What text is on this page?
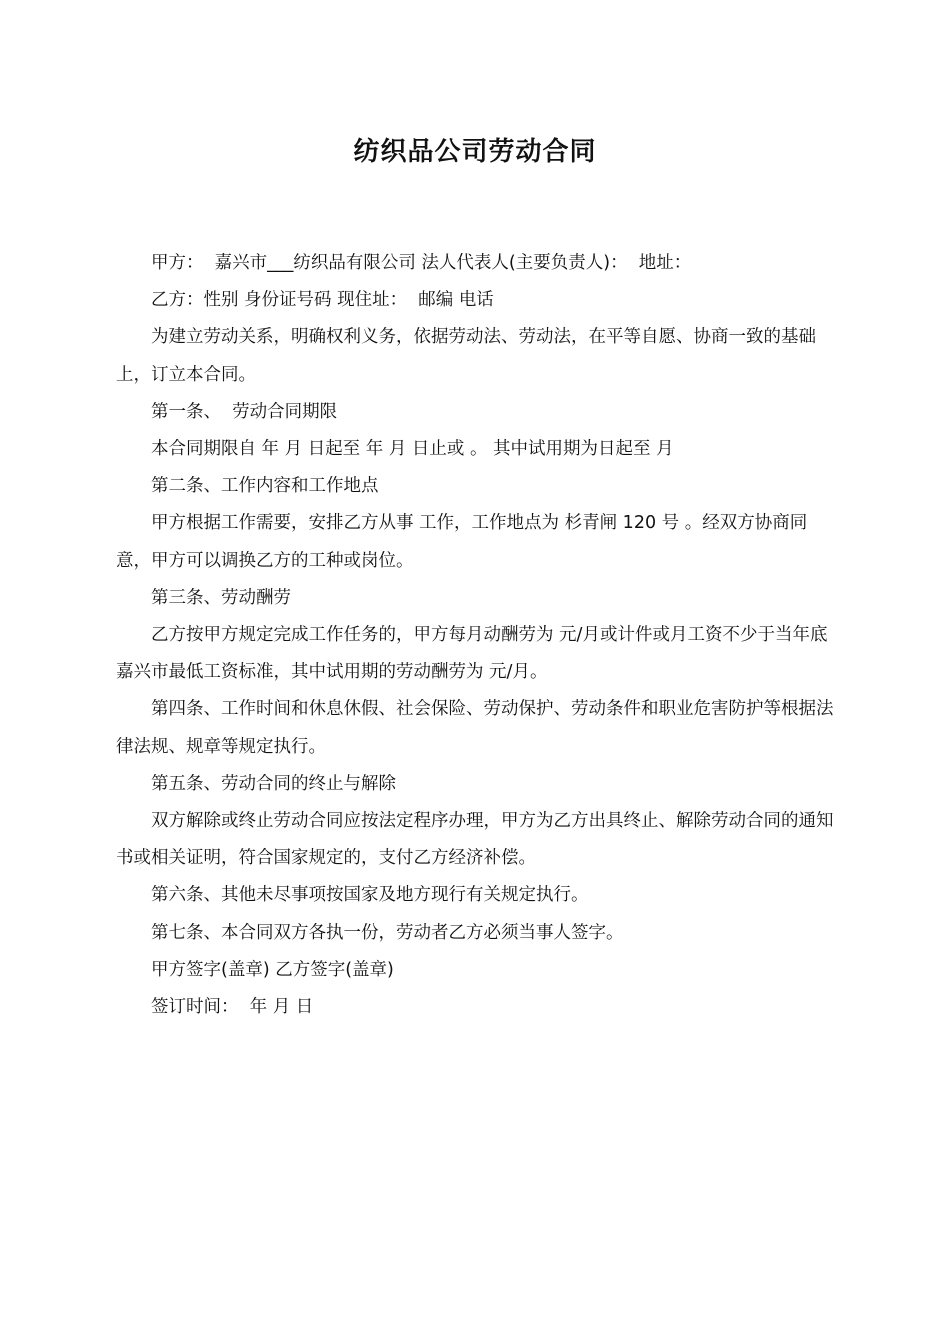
纺织品公司劳动合同

甲方：  嘉兴市___纺织品有限公司 法人代表人(主要负责人)：  地址：

乙方：性别 身份证号码 现住址：  邮编 电话

为建立劳动关系，明确权利义务，依据劳动法、劳动法，在平等自愿、协商一致的基础上，订立本合同。

第一条、  劳动合同期限

本合同期限自 年 月 日起至 年 月 日止或 。 其中试用期为日起至 月

第二条、工作内容和工作地点

甲方根据工作需要，安排乙方从事 工作，工作地点为 杉青闸 120 号 。经双方协商同意，甲方可以调换乙方的工种或岗位。

第三条、劳动酬劳

乙方按甲方规定完成工作任务的，甲方每月动酬劳为 元/月或计件或月工资不少于当年底嘉兴市最低工资标准，其中试用期的劳动酬劳为 元/月。

第四条、工作时间和休息休假、社会保险、劳动保护、劳动条件和职业危害防护等根据法律法规、规章等规定执行。

第五条、劳动合同的终止与解除

双方解除或终止劳动合同应按法定程序办理，甲方为乙方出具终止、解除劳动合同的通知书或相关证明，符合国家规定的，支付乙方经济补偿。

第六条、其他未尽事项按国家及地方现行有关规定执行。

第七条、本合同双方各执一份，劳动者乙方必须当事人签字。

甲方签字(盖章) 乙方签字(盖章)

签订时间：  年 月 日
